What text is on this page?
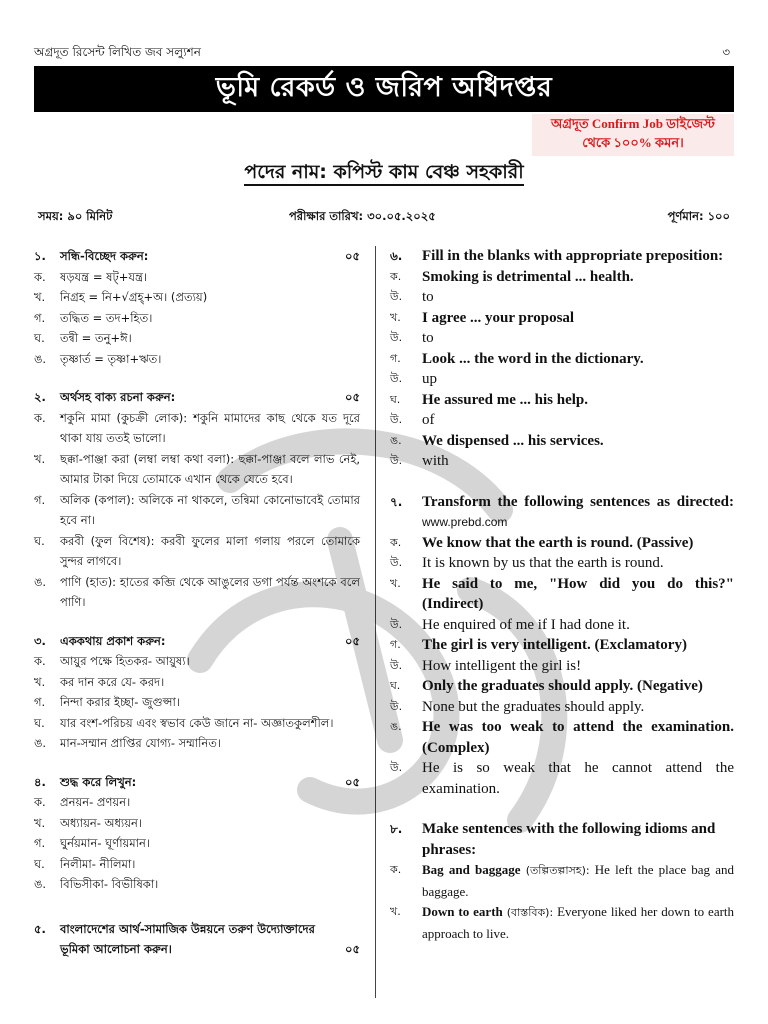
অগ্রদূত রিসেন্ট লিখিত জব সল্যুশন	৩
ভূমি রেকর্ড ও জরিপ অধিদপ্তর
অগ্রদূত Confirm Job ডাইজেস্ট
থেকে ১০০% কমন।
পদের নাম: কপিস্ট কাম বেঞ্চ সহকারী
সময়: ৯০ মিনিট	পরীক্ষার তারিখ: ৩০.০৫.২০২৫	পূর্ণমান: ১০০
১.	সন্ধি-বিচ্ছেদ করুন:	০৫
ক.	ষড়যন্ত্র = ষট্+যন্ত্র।
খ.	নিগ্রহ = নি+√গ্রহ্+অ। (প্রত্যয়)
গ.	তদ্ধিত = তদ+হিত।
ঘ.	তন্বী = তনু+ঈ।
ঙ.	তৃষ্ণার্ত = তৃষ্ণা+ঋত।
২.	অর্থসহ বাক্য রচনা করুন:	০৫
ক.	শকুনি মামা (কুচক্রী লোক): শকুনি মামাদের কাছ থেকে যত দূরে থাকা যায় ততই ভালো।
খ.	ছক্কা-পাঞ্জা করা (লম্বা লম্বা কথা বলা): ছক্কা-পাঞ্জা বলে লাভ নেই, আমার টাকা দিয়ে তোমাকে এখান থেকে যেতে হবে।
গ.	অলিক (কপাল): অলিকে না থাকলে, তন্বিমা কোনোভাবেই তোমার হবে না।
ঘ.	করবী (ফুল বিশেষ): করবী ফুলের মালা গলায় পরলে তোমাকে সুন্দর লাগবে।
ঙ.	পাণি (হাত): হাতের কব্জি থেকে আঙুলের ডগা পর্যন্ত অংশকে বলে পাণি।
৩.	এককথায় প্রকাশ করুন:	০৫
ক.	আয়ুর পক্ষে হিতকর- আয়ুষ্য।
খ.	কর দান করে যে- করদ।
গ.	নিন্দা করার ইচ্ছা- জুগুপ্সা।
ঘ.	যার বংশ-পরিচয় এবং স্বভাব কেউ জানে না- অজ্ঞাতকুলশীল।
ঙ.	মান-সম্মান প্রাপ্তির যোগ্য- সম্মানিত।
৪.	শুদ্ধ করে লিখুন:	০৫
ক.	প্রনয়ন- প্রণয়ন।
খ.	অধ্যায়ন- অধ্যয়ন।
গ.	ঘুর্নয়মান- ঘূর্ণায়মান।
ঘ.	নিলীমা- নীলিমা।
ঙ.	বিভিসীকা- বিভীষিকা।
৫.	বাংলাদেশের আর্থ-সামাজিক উন্নয়নে তরুণ উদ্যোক্তাদের ভূমিকা আলোচনা করুন।	০৫
৬.	Fill in the blanks with appropriate preposition:
ক.	Smoking is detrimental ... health.
উ.	to
খ.	I agree ... your proposal
উ.	to
গ.	Look ... the word in the dictionary.
উ.	up
ঘ.	He assured me ... his help.
উ.	of
ঙ.	We dispensed ... his services.
উ.	with
৭.	Transform the following sentences as directed: www.prebd.com
ক.	We know that the earth is round. (Passive)
উ.	It is known by us that the earth is round.
খ.	He said to me, "How did you do this?" (Indirect)
উ.	He enquired of me if I had done it.
গ.	The girl is very intelligent. (Exclamatory)
উ.	How intelligent the girl is!
ঘ.	Only the graduates should apply. (Negative)
উ.	None but the graduates should apply.
ঙ.	He was too weak to attend the examination. (Complex)
উ.	He is so weak that he cannot attend the examination.
৮.	Make sentences with the following idioms and phrases:
ক.	Bag and baggage (তল্পিতল্পাসহ): He left the place bag and baggage.
খ.	Down to earth (বাস্তবিক): Everyone liked her down to earth approach to live.
